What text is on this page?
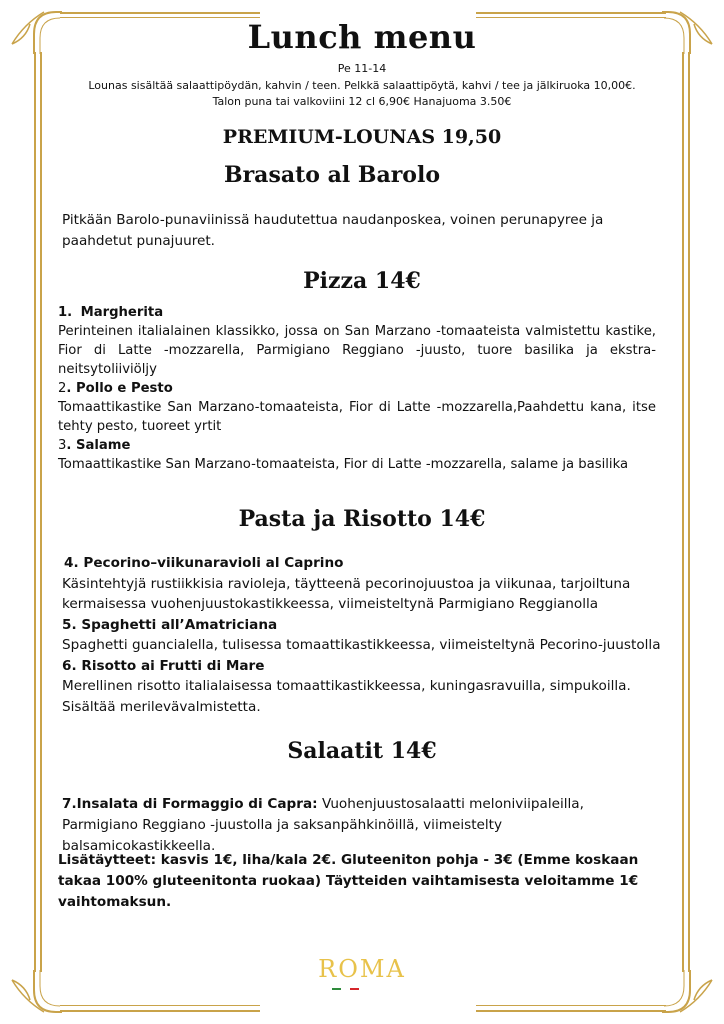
Lunch menu
Pe 11-14
Lounas sisältää salaattipöydän, kahvin / teen. Pelkkä salaattipöytä, kahvi / tee ja jälkiruoka 10,00€.
Talon puna tai valkoviini 12 cl 6,90€ Hanajuoma 3.50€
PREMIUM-LOUNAS 19,50
Brasato al Barolo
Pitkään Barolo-punaviinissä haudutettua naudanposkea, voinen perunapyree ja paahdetut punajuuret.
Pizza 14€
1. Margherita
Perinteinen italialainen klassikko, jossa on San Marzano -tomaateista valmistettu kastike, Fior di Latte -mozzarella, Parmigiano Reggiano -juusto, tuore basilika ja ekstra-neitsytoliiviöljy
2. Pollo e Pesto
Tomaattikastike San Marzano-tomaateista, Fior di Latte -mozzarella,Paahdettu kana, itse tehty pesto, tuoreet yrtit
3. Salame
Tomaattikastike San Marzano-tomaateista, Fior di Latte -mozzarella, salame ja basilika
Pasta ja Risotto 14€
4. Pecorino–viikunaravioli al Caprino
Käsintehtyjä rustiikkisia ravioleja, täytteenä pecorinojuustoa ja viikunaa, tarjoiltuna kermaisessa vuohenjuustokastikkeessa, viimeisteltynä Parmigiano Reggianolla
5. Spaghetti all’Amatriciana
Spaghetti guancialella, tulisessa tomaattikastikkeessa, viimeisteltynä Pecorino-juustolla
6. Risotto ai Frutti di Mare
Merellinen risotto italialaisessa tomaattikastikkeessa, kuningasravuilla, simpukoilla. Sisältää merilevävalmistetta.
Salaatit 14€
7.Insalata di Formaggio di Capra: Vuohenjuustosalaatti meloniviipaleilla, Parmigiano Reggiano -juustolla ja saksanpähkinöillä, viimeistelty balsamicokastikkeella.
Lisätäytteet: kasvis 1€, liha/kala 2€. Gluteeniton pohja - 3€ (Emme koskaan takaa 100% gluteenitonta ruokaa) Täytteiden vaihtamisesta veloitamme 1€ vaihtomaksun.
ROMA
